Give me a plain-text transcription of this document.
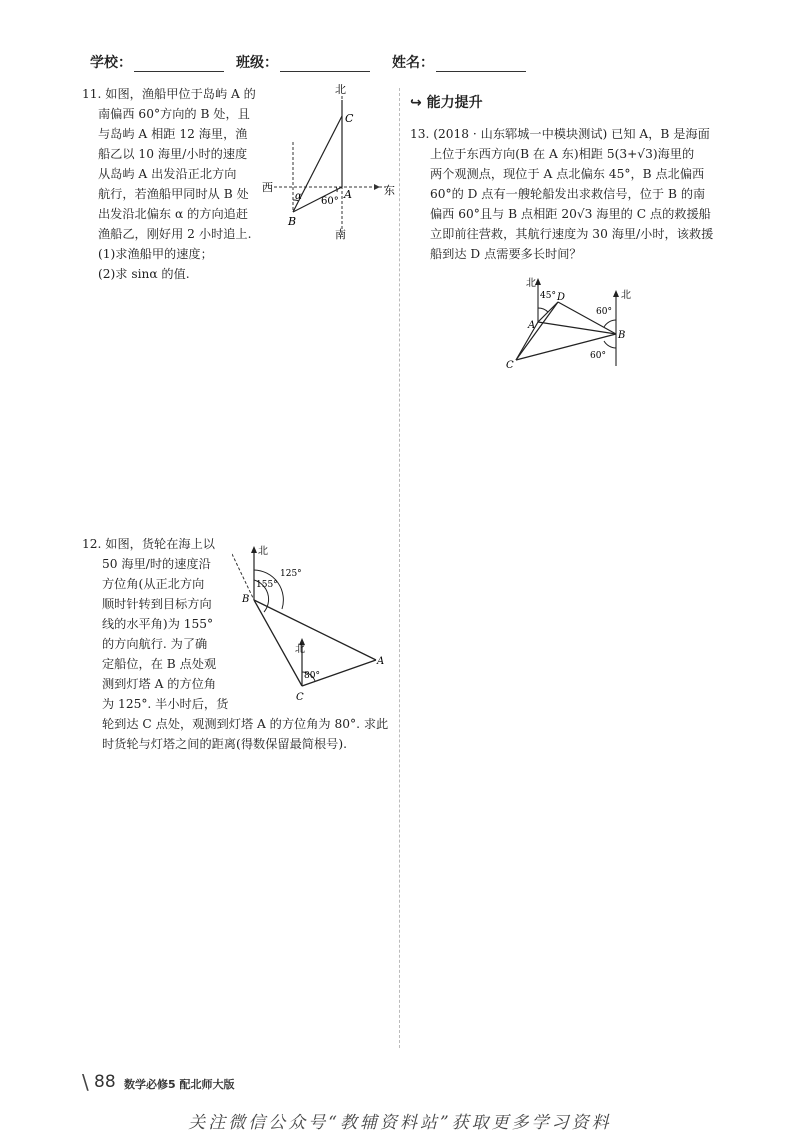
学校：	班级：	姓名：

11. 如图，渔船甲位于岛屿 A 的

南偏西 60°方向的 B 处，且

与岛屿 A 相距 12 海里，渔

船乙以 10 海里/小时的速度

从岛屿 A 出发沿正北方向

航行，若渔船甲同时从 B 处

出发沿北偏东 α 的方向追赶

渔船乙，刚好用 2 小时追上.

(1)求渔船甲的速度；

(2)求 sinα 的值.

北
南
西	东
C
A
B
α 60°

12. 如图，货轮在海上以

50 海里/时的速度沿

方位角(从正北方向

顺时针转到目标方向

线的水平角)为 155°

的方向航行. 为了确

定船位，在 B 点处观

测到灯塔 A 的方位角

为 125°. 半小时后，货

轮到达 C 点处，观测到灯塔 A 的方位角为 80°. 求此

时货轮与灯塔之间的距离(得数保留最简根号).

北
北
B
A
C
155°
125°
80°
↪ 能力提升

13. (2018 · 山东郓城一中模块测试) 已知 A，B 是海面

上位于东西方向(B 在 A 东)相距 5(3+√3)海里的

两个观测点，现位于 A 点北偏东 45°，B 点北偏西

60°的 D 点有一艘轮船发出求救信号，位于 B 的南

偏西 60°且与 B 点相距 20√3 海里的 C 点的救援船

立即前往营救，其航行速度为 30 海里/小时，该救援

船到达 D 点需要多长时间？

北
北
A
B
C
D
45°
60°
60°
\ 88 数学必修5 配北师大版
关注微信公众号“教辅资料站”获取更多学习资料
